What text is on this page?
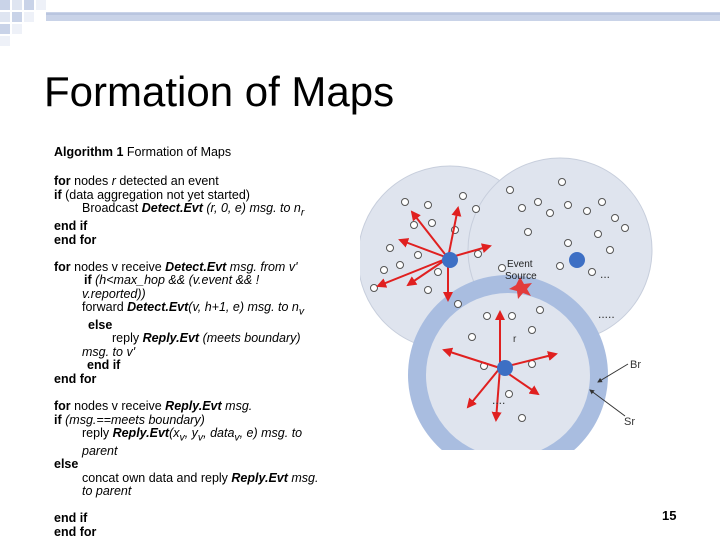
Formation of Maps
Algorithm 1 Formation of Maps
for nodes r detected an event
if (data aggregation not yet started)
Broadcast Detect.Evt (r, 0, e) msg. to $n_r$
end if
end for
for nodes v receive Detect.Evt msg. from v'
if (h<max_hop && (v.event && !
v.reported))
forward Detect.Evt(v, h+1, e) msg. to $n_v$
else
reply Reply.Evt (meets boundary)
msg. to v'
end if
end for
for nodes v receive Reply.Evt msg.
if (msg.==meets boundary)
reply $Reply.Evt(x_v$, $y_v$, data$_v$, e) msg. to
parent
else
concat own data and reply Reply.Evt msg.
to parent
end if
end for
Event
Source	...
.....
....
r
Br
Sr
15
